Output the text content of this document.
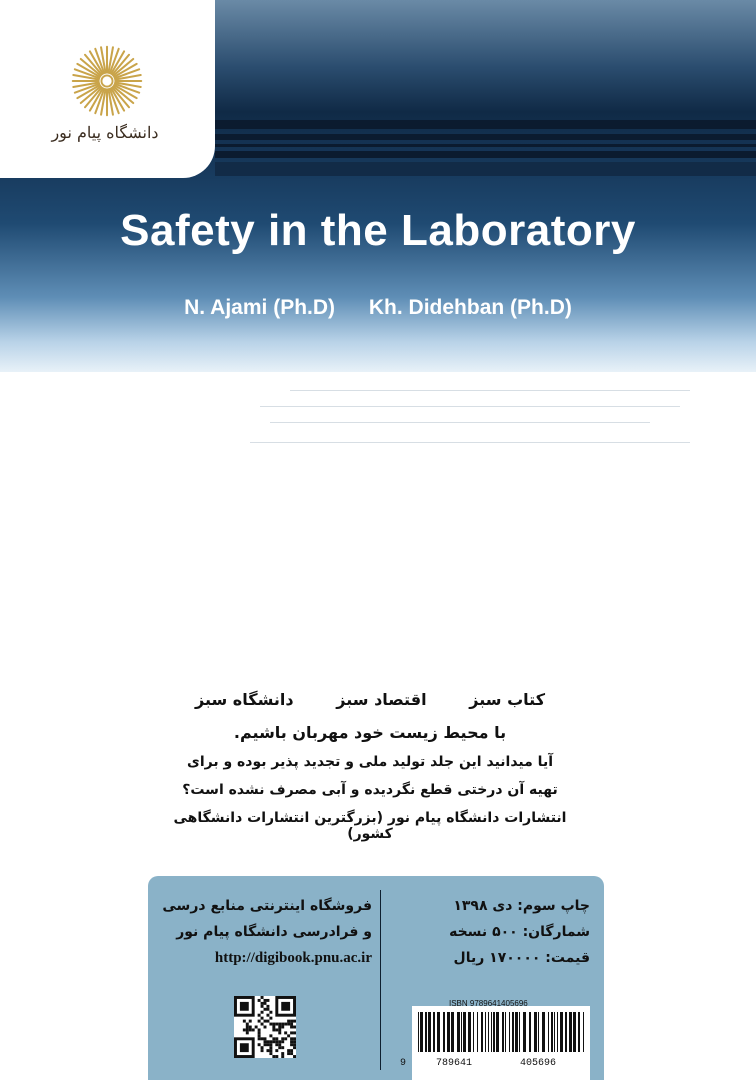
دانشگاه پیام نور
Safety in the Laboratory
N. Ajami (Ph.D) Kh. Didehban (Ph.D)
کتاب سبز
اقتصاد سبز
دانشگاه سبز
با محیط زیست خود مهربان باشیم.
آیا میدانید این جلد تولید ملی و تجدید پذیر بوده و برای
تهیه آن درختی قطع نگردیده و آبی مصرف نشده است؟
انتشارات دانشگاه پیام نور (بزرگترین انتشارات دانشگاهی کشور)
فروشگاه اینترنتی منابع درسی
و فرادرسی دانشگاه پیام نور
http://digibook.pnu.ac.ir
چاپ سوم: دی ۱۳۹۸
شمارگان: ۵۰۰ نسخه
قیمت: ۱۷۰۰۰۰ ریال
ISBN 9789641405696
9	789641	405696
